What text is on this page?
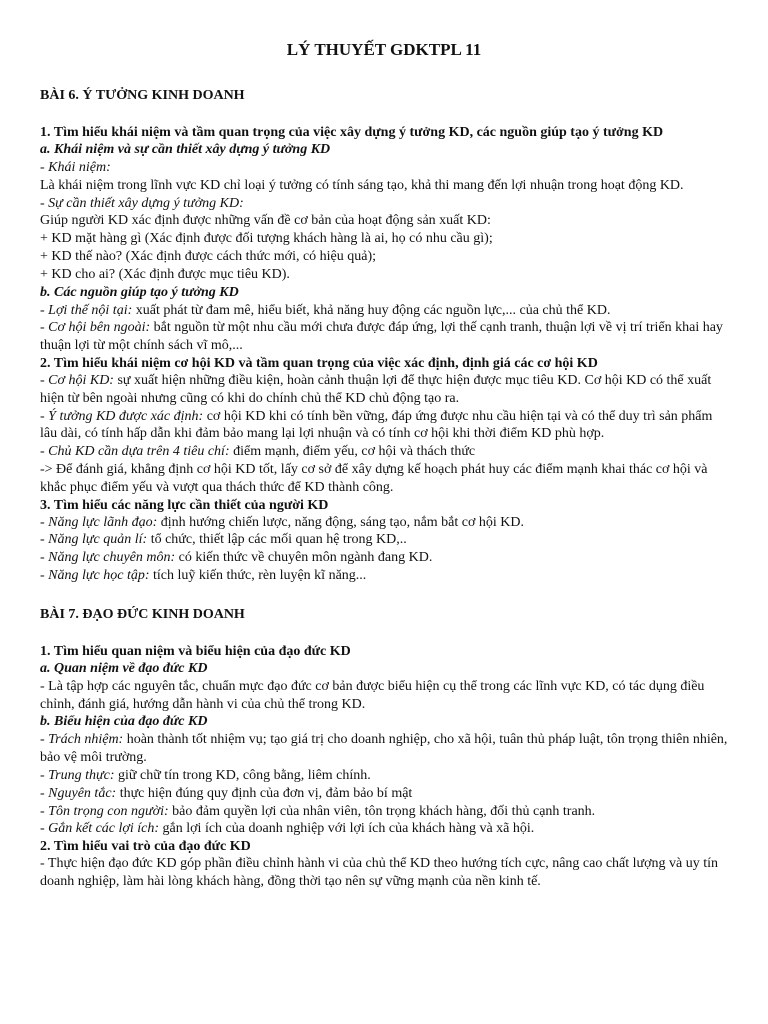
LÝ THUYẾT GDKTPL 11
BÀI 6. Ý TƯỞNG KINH DOANH

1. Tìm hiểu khái niệm và tầm quan trọng của việc xây dựng ý tưởng KD, các nguồn giúp tạo ý tưởng KD

a. Khái niệm và sự cần thiết xây dựng ý tưởng KD

- Khái niệm:

Là khái niệm trong lĩnh vực KD chỉ loại ý tưởng có tính sáng tạo, khả thi mang đến lợi nhuận trong hoạt động KD.

- Sự cần thiết xây dựng ý tưởng KD:

Giúp người KD xác định được những vấn đề cơ bản của hoạt động sản xuất KD:

+ KD mặt hàng gì (Xác định được đối tượng khách hàng là ai, họ có nhu cầu gì);

+ KD thế nào? (Xác định được cách thức mới, có hiệu quả);

+ KD cho ai? (Xác định được mục tiêu KD).

b. Các nguồn giúp tạo ý tưởng KD

- Lợi thế nội tại: xuất phát từ đam mê, hiểu biết, khả năng huy động các nguồn lực,... của chủ thể KD.

- Cơ hội bên ngoài: bắt nguồn từ một nhu cầu mới chưa được đáp ứng, lợi thế cạnh tranh, thuận lợi về vị trí triển khai hay thuận lợi từ một chính sách vĩ mô,...

2. Tìm hiểu khái niệm cơ hội KD và tầm quan trọng của việc xác định, định giá các cơ hội KD

- Cơ hội KD: sự xuất hiện những điều kiện, hoàn cảnh thuận lợi để thực hiện được mục tiêu KD. Cơ hội KD có thể xuất hiện từ bên ngoài nhưng cũng có khi do chính chủ thể KD chủ động tạo ra.

- Ý tưởng KD được xác định: cơ hội KD khi có tính bền vững, đáp ứng được nhu cầu hiện tại và có thể duy trì sản phẩm lâu dài, có tính hấp dẫn khi đảm bảo mang lại lợi nhuận và có tính cơ hội khi thời điểm KD phù hợp.

- Chủ KD cần dựa trên 4 tiêu chí: điểm mạnh, điểm yếu, cơ hội và thách thức

-> Để đánh giá, khẳng định cơ hội KD tốt, lấy cơ sở để xây dựng kế hoạch phát huy các điểm mạnh khai thác cơ hội và khắc phục điểm yếu và vượt qua thách thức để KD thành công.

3. Tìm hiểu các năng lực cần thiết của người KD

- Năng lực lãnh đạo: định hướng chiến lược, năng động, sáng tạo, nắm bắt cơ hội KD.

- Năng lực quản lí: tổ chức, thiết lập các mối quan hệ trong KD,..

- Năng lực chuyên môn: có kiến thức về chuyên môn ngành đang KD.

- Năng lực học tập: tích luỹ kiến thức, rèn luyện kĩ năng...

BÀI 7. ĐẠO ĐỨC KINH DOANH

1. Tìm hiểu quan niệm và biểu hiện của đạo đức KD

a. Quan niệm về đạo đức KD

- Là tập hợp các nguyên tắc, chuẩn mực đạo đức cơ bản được biểu hiện cụ thể trong các lĩnh vực KD, có tác dụng điều chỉnh, đánh giá, hướng dẫn hành vi của chủ thể trong KD.

b. Biểu hiện của đạo đức KD

- Trách nhiệm: hoàn thành tốt nhiệm vụ; tạo giá trị cho doanh nghiệp, cho xã hội, tuân thủ pháp luật, tôn trọng thiên nhiên, bảo vệ môi trường.

- Trung thực: giữ chữ tín trong KD, công bằng, liêm chính.

- Nguyên tắc: thực hiện đúng quy định của đơn vị, đảm bảo bí mật

- Tôn trọng con người: bảo đảm quyền lợi của nhân viên, tôn trọng khách hàng, đối thủ cạnh tranh.

- Gắn kết các lợi ích: gắn lợi ích của doanh nghiệp với lợi ích của khách hàng và xã hội.

2. Tìm hiểu vai trò của đạo đức KD

- Thực hiện đạo đức KD góp phần điều chỉnh hành vi của chủ thể KD theo hướng tích cực, nâng cao chất lượng và uy tín doanh nghiệp, làm hài lòng khách hàng, đồng thời tạo nên sự vững mạnh của nền kinh tế.
